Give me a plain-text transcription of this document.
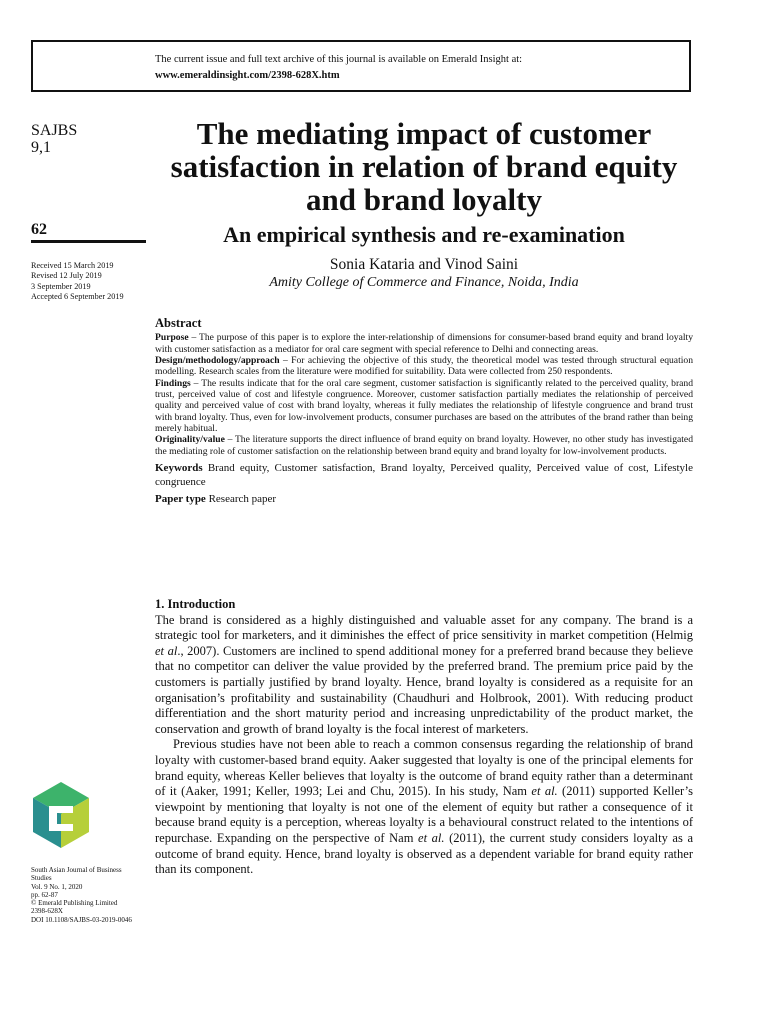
The current issue and full text archive of this journal is available on Emerald Insight at:
www.emeraldinsight.com/2398-628X.htm
SAJBS
9,1
62
Received 15 March 2019
Revised 12 July 2019
3 September 2019
Accepted 6 September 2019
The mediating impact of customer satisfaction in relation of brand equity and brand loyalty
An empirical synthesis and re-examination
Sonia Kataria and Vinod Saini
Amity College of Commerce and Finance, Noida, India
Abstract

Purpose – The purpose of this paper is to explore the inter-relationship of dimensions for consumer-based brand equity and brand loyalty with customer satisfaction as a mediator for oral care segment with special reference to Delhi and connecting areas.

Design/methodology/approach – For achieving the objective of this study, the theoretical model was tested through structural equation modelling. Research scales from the literature were modified for suitability. Data were collected from 250 respondents.

Findings – The results indicate that for the oral care segment, customer satisfaction is significantly related to the perceived quality, brand trust, perceived value of cost and lifestyle congruence. Moreover, customer satisfaction partially mediates the relationship of perceived quality and perceived value of cost with brand loyalty, whereas it fully mediates the relationship of lifestyle congruence and brand trust with brand loyalty. Thus, even for low-involvement products, consumer purchases are based on the attributes of the brand rather than being merely habitual.

Originality/value – The literature supports the direct influence of brand equity on brand loyalty. However, no other study has investigated the mediating role of customer satisfaction on the relationship between brand equity and brand loyalty for low-involvement products.

Keywords Brand equity, Customer satisfaction, Brand loyalty, Perceived quality, Perceived value of cost, Lifestyle congruence

Paper type Research paper

1. Introduction

The brand is considered as a highly distinguished and valuable asset for any company. The brand is a strategic tool for marketers, and it diminishes the effect of price sensitivity in market competition (Helmig et al., 2007). Customers are inclined to spend additional money for a preferred brand because they believe that no competitor can deliver the value provided by the preferred brand. The premium price paid by the customers is partially justified by brand loyalty. Hence, brand loyalty is considered as a requisite for an organisation’s profitability and sustainability (Chaudhuri and Holbrook, 2001). With reducing product differentiation and the short maturity period and increasing unpredictability of the product market, the conservation and growth of brand loyalty is the focal interest of marketers.

Previous studies have not been able to reach a common consensus regarding the relationship of brand loyalty with customer-based brand equity. Aaker suggested that loyalty is one of the principal elements for brand equity, whereas Keller believes that loyalty is the outcome of brand equity rather than a determinant of it (Aaker, 1991; Keller, 1993; Lei and Chu, 2015). In his study, Nam et al. (2011) supported Keller’s viewpoint by mentioning that loyalty is not one of the element of equity but rather a consequence of it because brand equity is a perception, whereas loyalty is a behavioural construct related to the intentions of repurchase. Expanding on the perspective of Nam et al. (2011), the current study considers loyalty as a outcome of brand equity. Hence, brand loyalty is observed as a dependent variable for brand equity rather than its component.

South Asian Journal of Business
Studies
Vol. 9 No. 1, 2020
pp. 62-87
© Emerald Publishing Limited
2398-628X
DOI 10.1108/SAJBS-03-2019-0046
